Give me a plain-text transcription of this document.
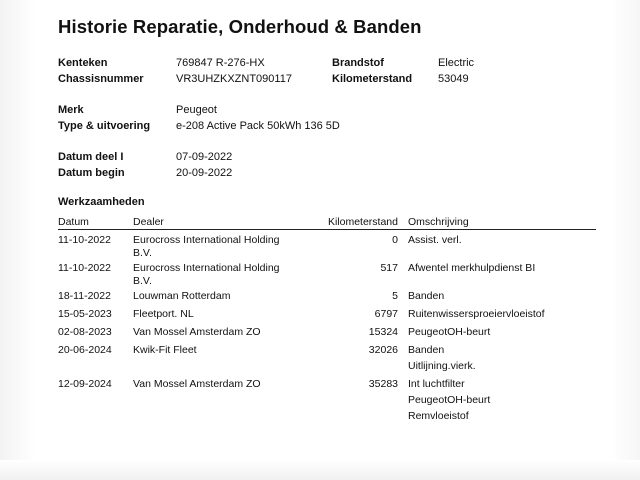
Historie Reparatie, Onderhoud & Banden
Kenteken	769847 R-276-HX	Brandstof	Electric
Chassisnummer	VR3UHZKXZNT090117	Kilometerstand 53049
Merk	Peugeot
Type & uitvoering e-208 Active Pack 50kWh 136 5D
Datum deel I	07-09-2022
Datum begin	20-09-2022
Werkzaamheden
Datum	Dealer	Kilometerstand	Omschrijving
11-10-2022	Eurocross International Holding B.V.	0	Assist. verl.

11-10-2022	Eurocross International Holding B.V.	517	Afwentel merkhulpdienst BI

18-11-2022	Louwman Rotterdam	5	Banden

15-05-2023	Fleetport. NL	6797	Ruitenwissersproeiervloeistof

02-08-2023	Van Mossel Amsterdam ZO	15324	PeugeotOH-beurt

20-06-2024	Kwik-Fit Fleet	32026	Banden
Uitlijning.vierk.

12-09-2024	Van Mossel Amsterdam ZO	35283	Int luchtfilter
PeugeotOH-beurt
Remvloeistof
